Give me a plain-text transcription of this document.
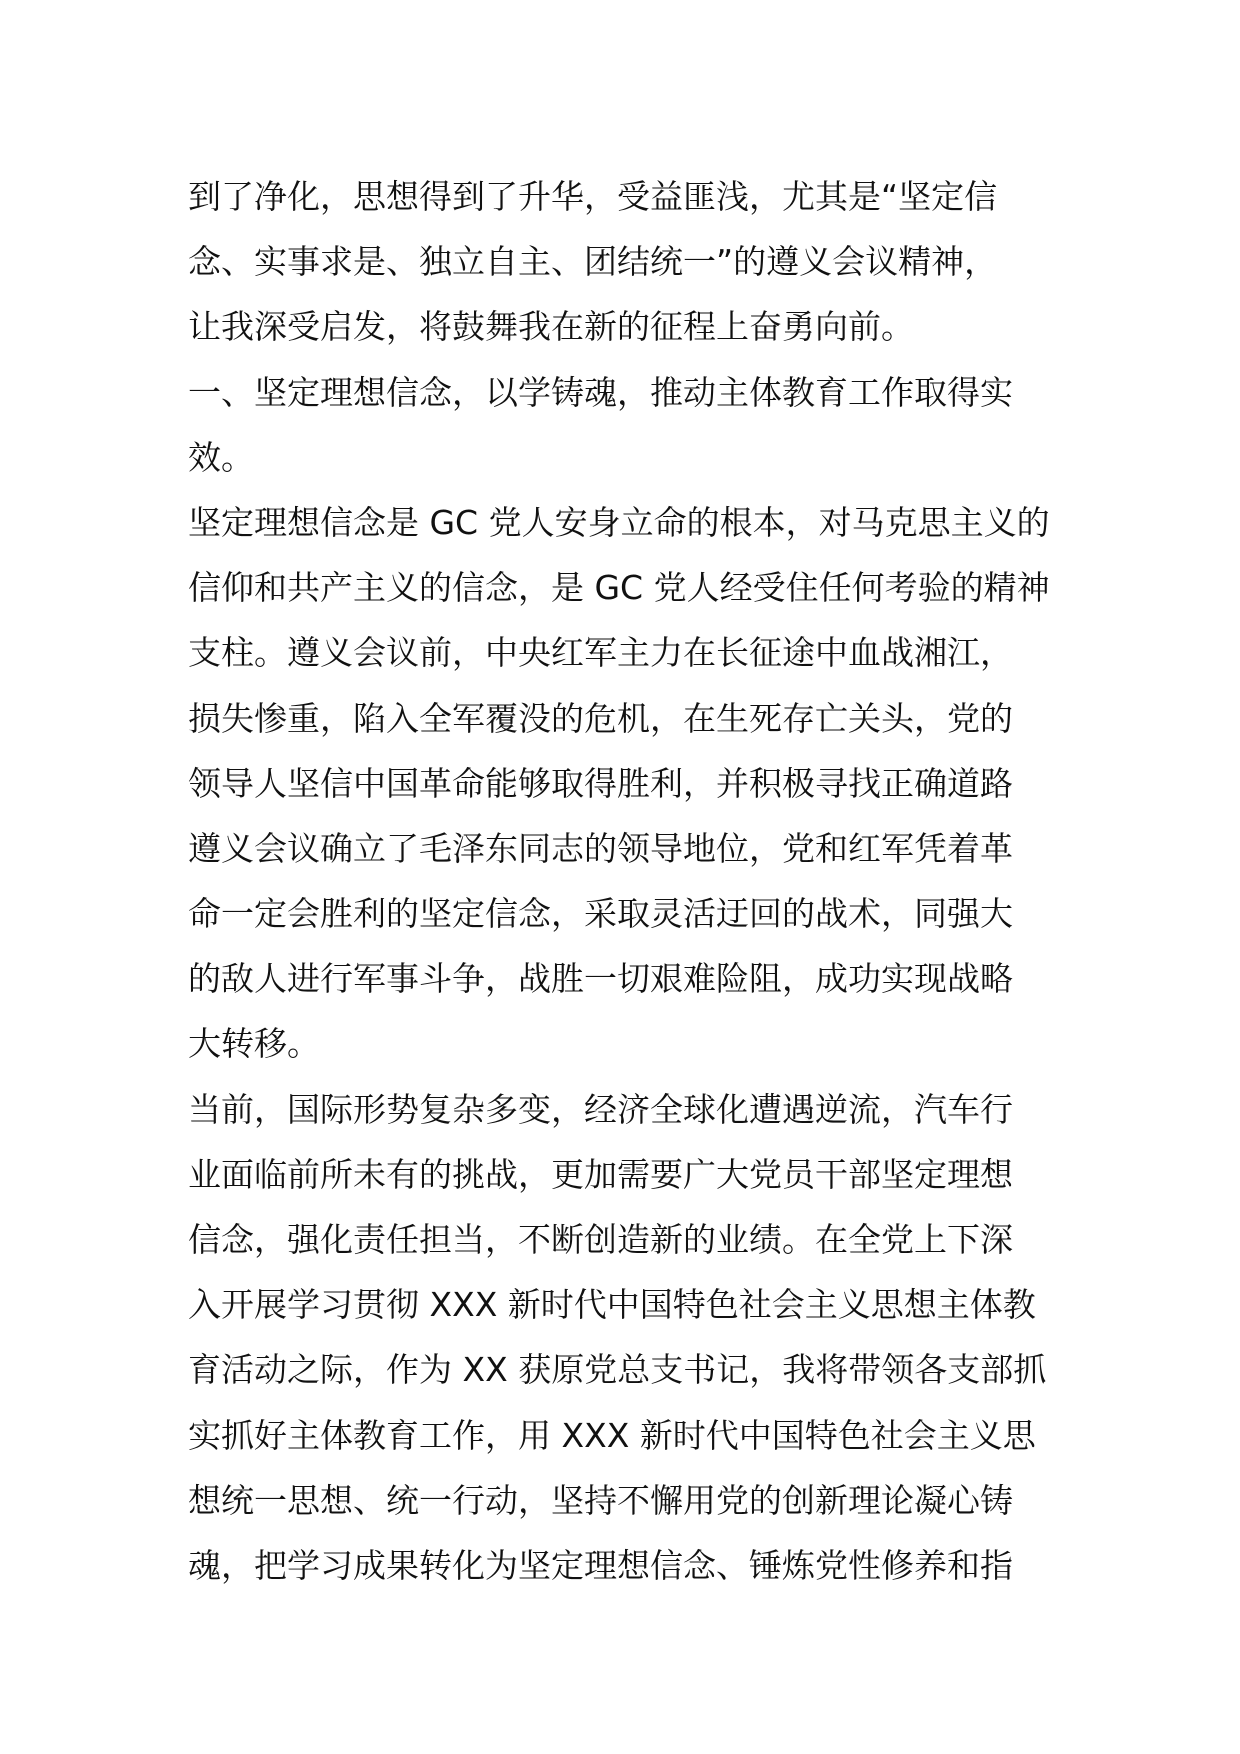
到了净化，思想得到了升华，受益匪浅，尤其是“坚定信
念、实事求是、独立自主、团结统一”的遵义会议精神，
让我深受启发，将鼓舞我在新的征程上奋勇向前。
一、坚定理想信念，以学铸魂，推动主体教育工作取得实
效。
坚定理想信念是 GC 党人安身立命的根本，对马克思主义的
信仰和共产主义的信念，是 GC 党人经受住任何考验的精神
支柱。遵义会议前，中央红军主力在长征途中血战湘江，
损失惨重，陷入全军覆没的危机，在生死存亡关头，党的
领导人坚信中国革命能够取得胜利，并积极寻找正确道路
遵义会议确立了毛泽东同志的领导地位，党和红军凭着革
命一定会胜利的坚定信念，采取灵活迂回的战术，同强大
的敌人进行军事斗争，战胜一切艰难险阻，成功实现战略
大转移。
当前，国际形势复杂多变，经济全球化遭遇逆流，汽车行
业面临前所未有的挑战，更加需要广大党员干部坚定理想
信念，强化责任担当，不断创造新的业绩。在全党上下深
入开展学习贯彻 XXX 新时代中国特色社会主义思想主体教
育活动之际，作为 XX 获原党总支书记，我将带领各支部抓
实抓好主体教育工作，用 XXX 新时代中国特色社会主义思
想统一思想、统一行动，坚持不懈用党的创新理论凝心铸
魂，把学习成果转化为坚定理想信念、锤炼党性修养和指
